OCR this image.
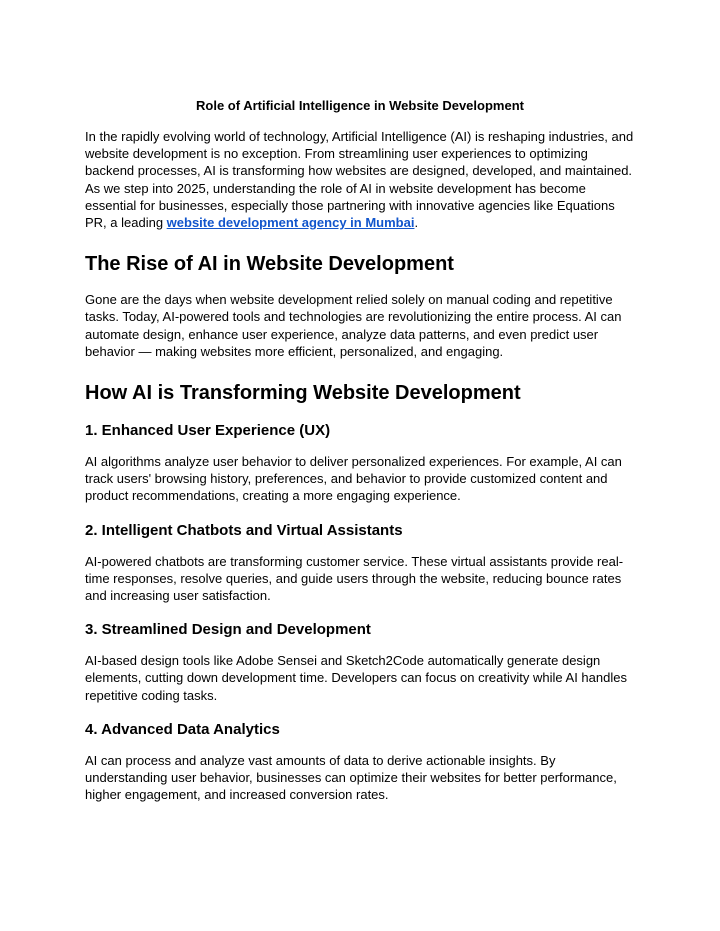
Role of Artificial Intelligence in Website Development

In the rapidly evolving world of technology, Artificial Intelligence (AI) is reshaping industries, and website development is no exception. From streamlining user experiences to optimizing backend processes, AI is transforming how websites are designed, developed, and maintained. As we step into 2025, understanding the role of AI in website development has become essential for businesses, especially those partnering with innovative agencies like Equations PR, a leading website development agency in Mumbai.

The Rise of AI in Website Development

Gone are the days when website development relied solely on manual coding and repetitive tasks. Today, AI-powered tools and technologies are revolutionizing the entire process. AI can automate design, enhance user experience, analyze data patterns, and even predict user behavior — making websites more efficient, personalized, and engaging.

How AI is Transforming Website Development
1. Enhanced User Experience (UX)

AI algorithms analyze user behavior to deliver personalized experiences. For example, AI can track users' browsing history, preferences, and behavior to provide customized content and product recommendations, creating a more engaging experience.

2. Intelligent Chatbots and Virtual Assistants

AI-powered chatbots are transforming customer service. These virtual assistants provide real-time responses, resolve queries, and guide users through the website, reducing bounce rates and increasing user satisfaction.

3. Streamlined Design and Development

AI-based design tools like Adobe Sensei and Sketch2Code automatically generate design elements, cutting down development time. Developers can focus on creativity while AI handles repetitive coding tasks.

4. Advanced Data Analytics

AI can process and analyze vast amounts of data to derive actionable insights. By understanding user behavior, businesses can optimize their websites for better performance, higher engagement, and increased conversion rates.
